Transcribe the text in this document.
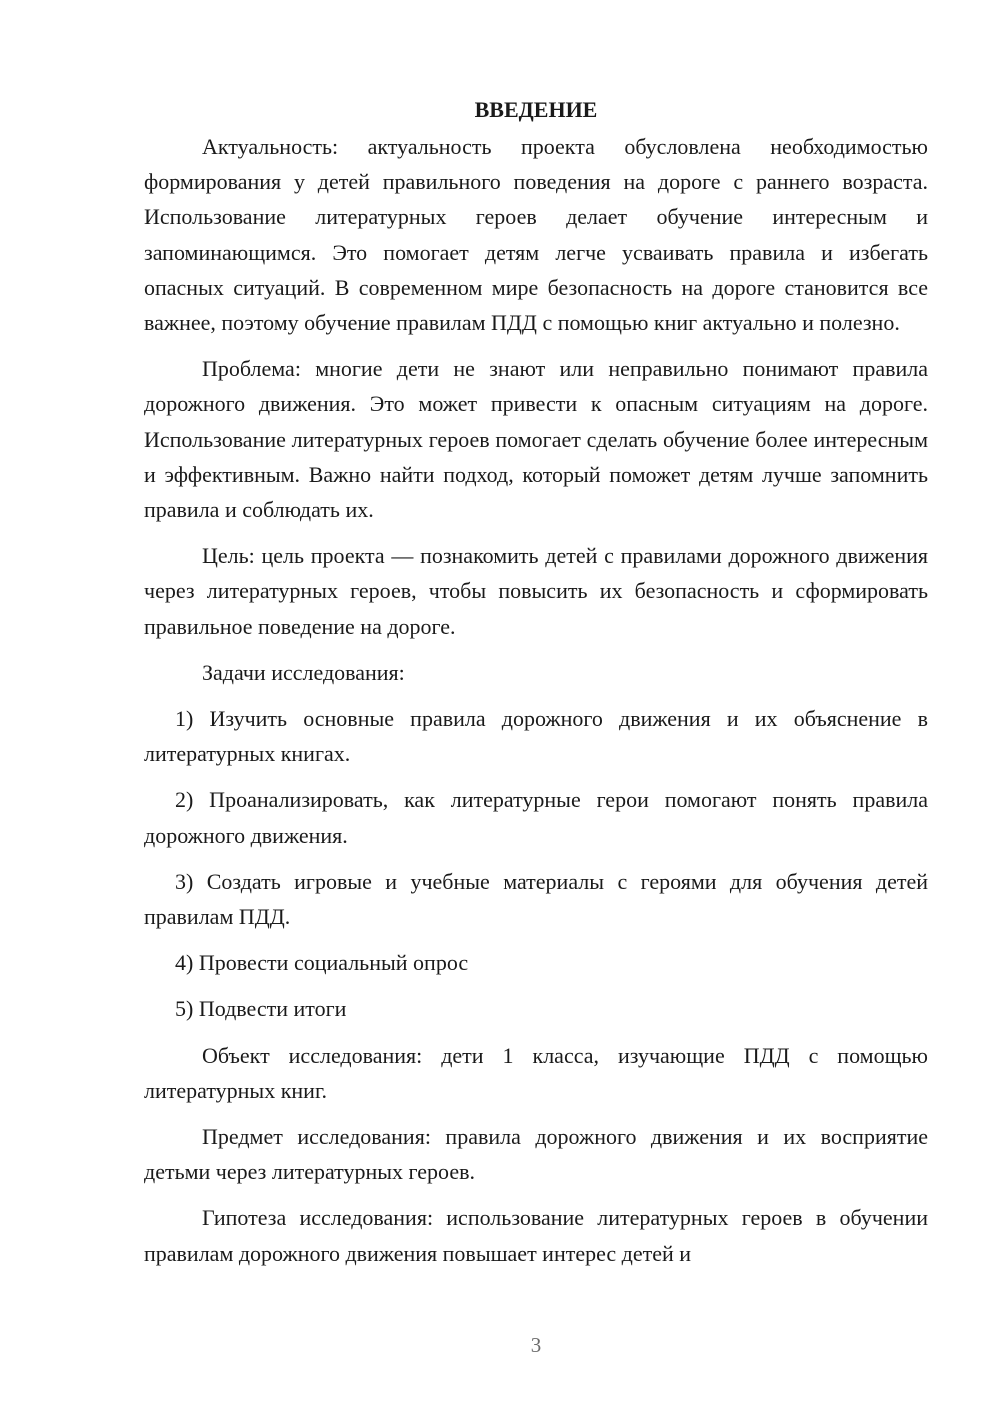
ВВЕДЕНИЕ

Актуальность: актуальность проекта обусловлена необходимостью формирования у детей правильного поведения на дороге с раннего возраста. Использование литературных героев делает обучение интересным и запоминающимся. Это помогает детям легче усваивать правила и избегать опасных ситуаций. В современном мире безопасность на дороге становится все важнее, поэтому обучение правилам ПДД с помощью книг актуально и полезно.

Проблема: многие дети не знают или неправильно понимают правила дорожного движения. Это может привести к опасным ситуациям на дороге. Использование литературных героев помогает сделать обучение более интересным и эффективным. Важно найти подход, который поможет детям лучше запомнить правила и соблюдать их.

Цель: цель проекта — познакомить детей с правилами дорожного движения через литературных героев, чтобы повысить их безопасность и сформировать правильное поведение на дороге.

Задачи исследования:

1) Изучить основные правила дорожного движения и их объяснение в литературных книгах.

2) Проанализировать, как литературные герои помогают понять правила дорожного движения.

3) Создать игровые и учебные материалы с героями для обучения детей правилам ПДД.

4) Провести социальный опрос

5) Подвести итоги

Объект исследования: дети 1 класса, изучающие ПДД с помощью литературных книг.

Предмет исследования: правила дорожного движения и их восприятие детьми через литературных героев.

Гипотеза исследования: использование литературных героев в обучении правилам дорожного движения повышает интерес детей и

3
